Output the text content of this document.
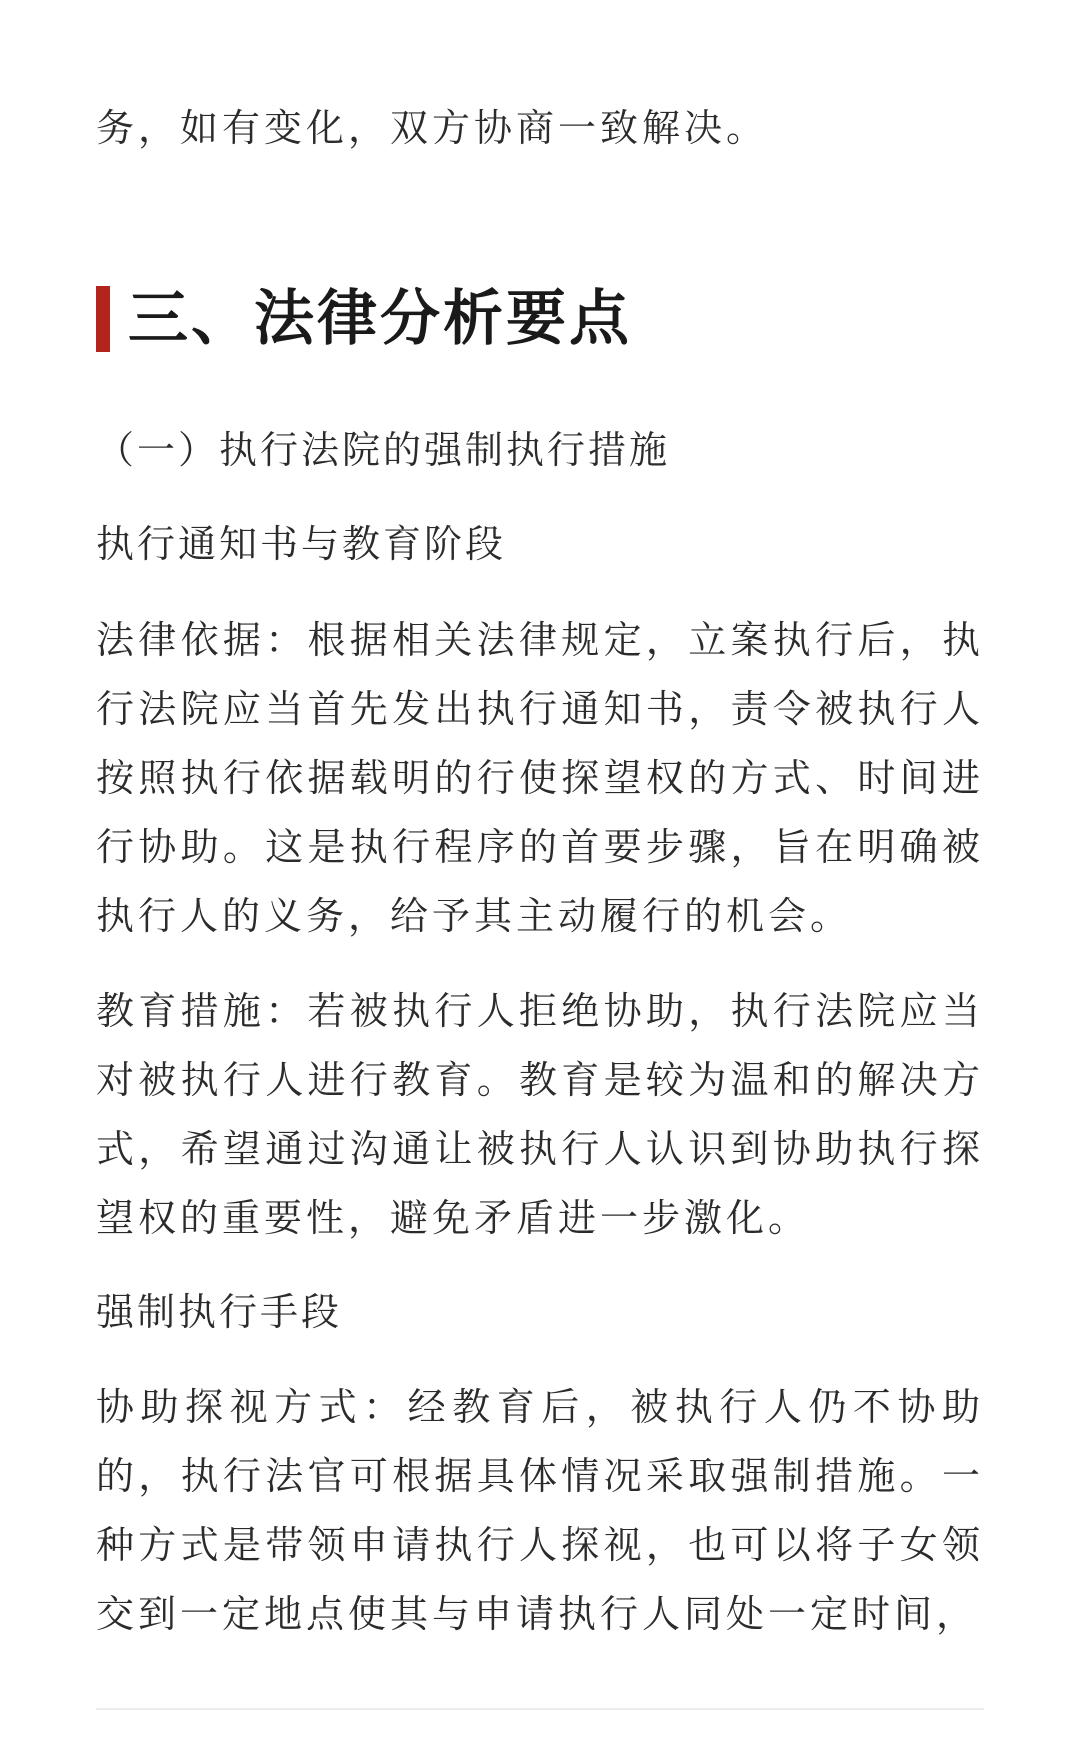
务，如有变化，双方协商一致解决。

三、法律分析要点

（一）执行法院的强制执行措施

执行通知书与教育阶段

法律依据：根据相关法律规定，立案执行后，执行法院应当首先发出执行通知书，责令被执行人按照执行依据载明的行使探望权的方式、时间进行协助。这是执行程序的首要步骤，旨在明确被执行人的义务，给予其主动履行的机会。

教育措施：若被执行人拒绝协助，执行法院应当对被执行人进行教育。教育是较为温和的解决方式，希望通过沟通让被执行人认识到协助执行探望权的重要性，避免矛盾进一步激化。

强制执行手段

协助探视方式：经教育后，被执行人仍不协助的，执行法官可根据具体情况采取强制措施。一种方式是带领申请执行人探视，也可以将子女领交到一定地点使其与申请执行人同处一定时间，
